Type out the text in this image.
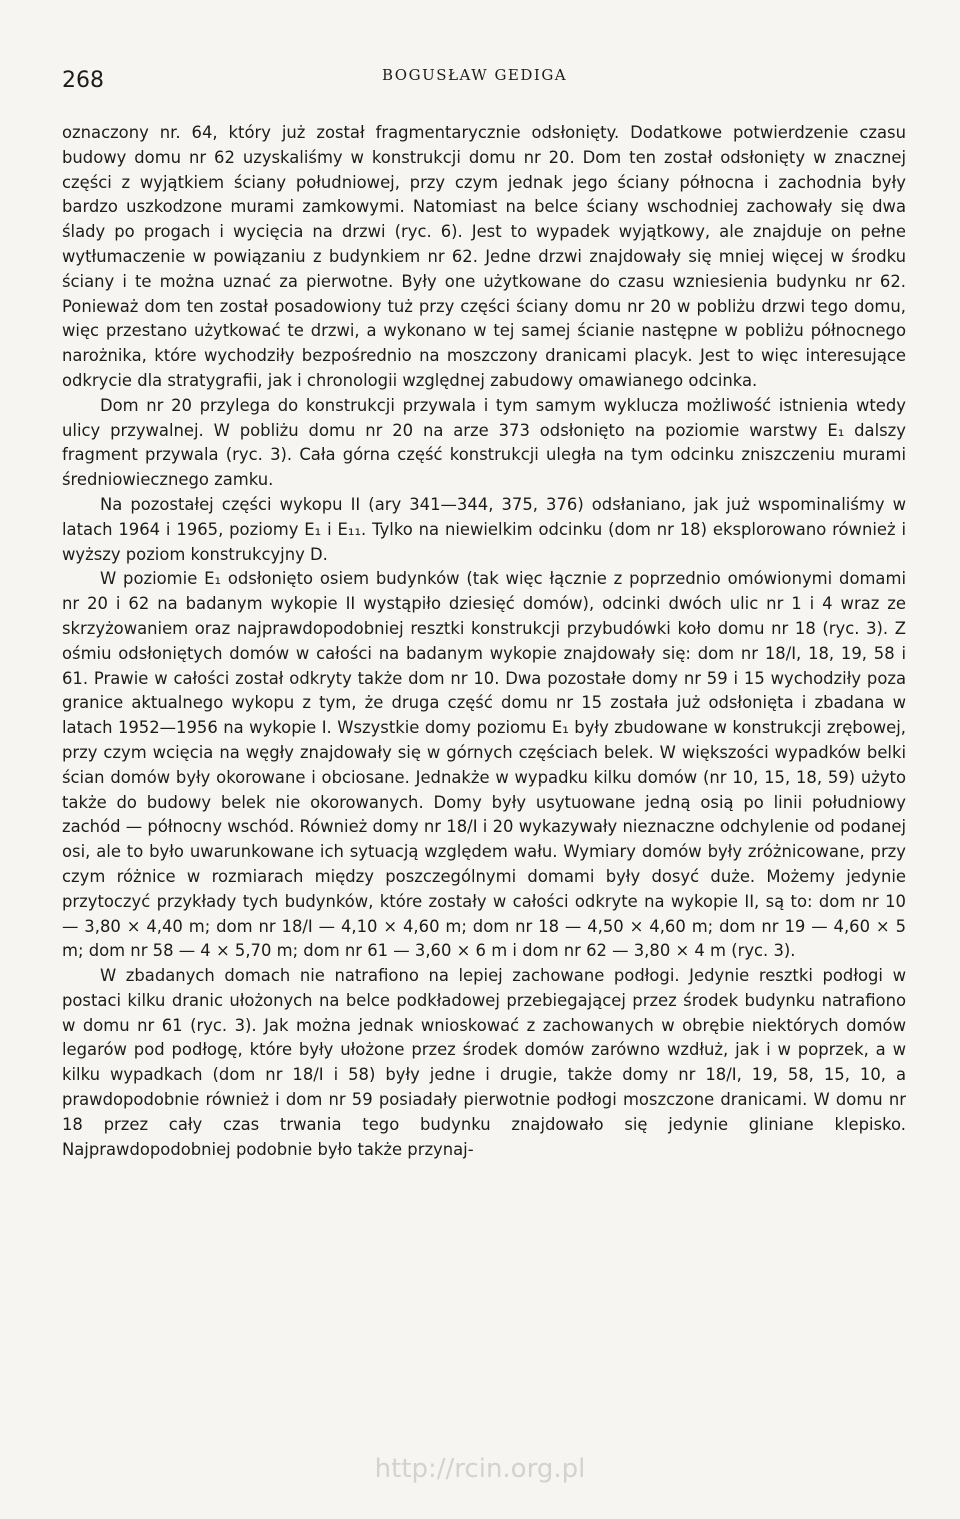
268	BOGUSŁAW GEDIGA

oznaczony nr. 64, który już został fragmentarycznie odsłonięty. Dodatkowe potwierdzenie czasu budowy domu nr 62 uzyskaliśmy w konstrukcji domu nr 20. Dom ten został odsłonięty w znacznej części z wyjątkiem ściany południowej, przy czym jednak jego ściany północna i zachodnia były bardzo uszkodzone murami zamkowymi. Natomiast na belce ściany wschodniej zachowały się dwa ślady po progach i wycięcia na drzwi (ryc. 6). Jest to wypadek wyjątkowy, ale znajduje on pełne wytłumaczenie w powiązaniu z budynkiem nr 62. Jedne drzwi znajdowały się mniej więcej w środku ściany i te można uznać za pierwotne. Były one użytkowane do czasu wzniesienia budynku nr 62. Ponieważ dom ten został posadowiony tuż przy części ściany domu nr 20 w pobliżu drzwi tego domu, więc przestano użytkować te drzwi, a wykonano w tej samej ścianie następne w pobliżu północnego narożnika, które wychodziły bezpośrednio na moszczony dranicami placyk. Jest to więc interesujące odkrycie dla stratygrafii, jak i chronologii względnej zabudowy omawianego odcinka.

Dom nr 20 przylega do konstrukcji przywala i tym samym wyklucza możliwość istnienia wtedy ulicy przywalnej. W pobliżu domu nr 20 na arze 373 odsłonięto na poziomie warstwy E₁ dalszy fragment przywala (ryc. 3). Cała górna część konstrukcji uległa na tym odcinku zniszczeniu murami średniowiecznego zamku.

Na pozostałej części wykopu II (ary 341—344, 375, 376) odsłaniano, jak już wspominaliśmy w latach 1964 i 1965, poziomy E₁ i E₁₁. Tylko na niewielkim odcinku (dom nr 18) eksplorowano również i wyższy poziom konstrukcyjny D.

W poziomie E₁ odsłonięto osiem budynków (tak więc łącznie z poprzednio omówionymi domami nr 20 i 62 na badanym wykopie II wystąpiło dziesięć domów), odcinki dwóch ulic nr 1 i 4 wraz ze skrzyżowaniem oraz najprawdopodobniej resztki konstrukcji przybudówki koło domu nr 18 (ryc. 3). Z ośmiu odsłoniętych domów w całości na badanym wykopie znajdowały się: dom nr 18/I, 18, 19, 58 i 61. Prawie w całości został odkryty także dom nr 10. Dwa pozostałe domy nr 59 i 15 wychodziły poza granice aktualnego wykopu z tym, że druga część domu nr 15 została już odsłonięta i zbadana w latach 1952—1956 na wykopie I. Wszystkie domy poziomu E₁ były zbudowane w konstrukcji zrębowej, przy czym wcięcia na węgły znajdowały się w górnych częściach belek. W większości wypadków belki ścian domów były okorowane i obciosane. Jednakże w wypadku kilku domów (nr 10, 15, 18, 59) użyto także do budowy belek nie okorowanych. Domy były usytuowane jedną osią po linii południowy zachód — północny wschód. Również domy nr 18/I i 20 wykazywały nieznaczne odchylenie od podanej osi, ale to było uwarunkowane ich sytuacją względem wału. Wymiary domów były zróżnicowane, przy czym różnice w rozmiarach między poszczególnymi domami były dosyć duże. Możemy jedynie przytoczyć przykłady tych budynków, które zostały w całości odkryte na wykopie II, są to: dom nr 10 — 3,80 × 4,40 m; dom nr 18/I — 4,10 × 4,60 m; dom nr 18 — 4,50 × 4,60 m; dom nr 19 — 4,60 × 5 m; dom nr 58 — 4 × 5,70 m; dom nr 61 — 3,60 × 6 m i dom nr 62 — 3,80 × 4 m (ryc. 3).

W zbadanych domach nie natrafiono na lepiej zachowane podłogi. Jedynie resztki podłogi w postaci kilku dranic ułożonych na belce podkładowej przebiegającej przez środek budynku natrafiono w domu nr 61 (ryc. 3). Jak można jednak wnioskować z zachowanych w obrębie niektórych domów legarów pod podłogę, które były ułożone przez środek domów zarówno wzdłuż, jak i w poprzek, a w kilku wypadkach (dom nr 18/I i 58) były jedne i drugie, także domy nr 18/I, 19, 58, 15, 10, a prawdopodobnie również i dom nr 59 posiadały pierwotnie podłogi moszczone dranicami. W domu nr 18 przez cały czas trwania tego budynku znajdowało się jedynie gliniane klepisko. Najprawdopodobniej podobnie było także przynaj-

http://rcin.org.pl
